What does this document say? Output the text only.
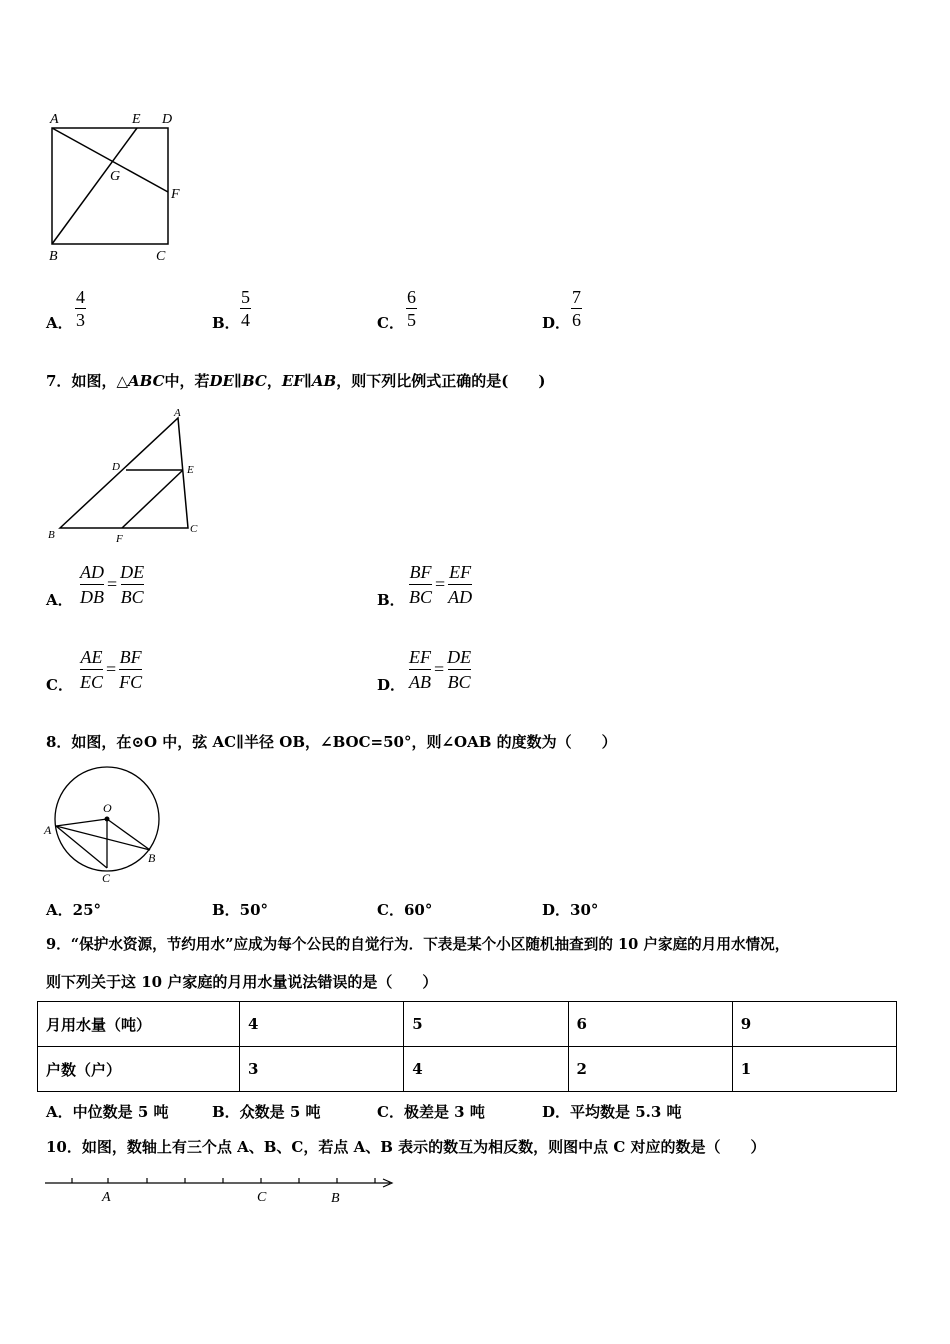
A	E D
G
F
B	C
A． $\frac{4}{3}$	B． $\frac{5}{4}$	C． $\frac{6}{5}$	D． $\frac{7}{6}$
7．如图，△ABC中，若DE∥BC，EF∥AB，则下列比例式正确的是(　　)
A
D	E
B	F
C
A． $\frac{AD}{DB} = \frac{DE}{BC}$	B． $\frac{BF}{BC} = \frac{EF}{AD}$
C． $\frac{AE}{EC} = \frac{BF}{FC}$	D． $\frac{EF}{AB} = \frac{DE}{BC}$
8．如图，在⊙O 中，弦 AC∥半径 OB，∠BOC=50°，则∠OAB 的度数为（　　）
O
A
B
C
A．25°	B．50°	C．60°	D．30°
9．“保护水资源，节约用水”应成为每个公民的自觉行为．下表是某个小区随机抽查到的 10 户家庭的月用水情况，
则下列关于这 10 户家庭的月用水量说法错误的是（　　）
月用水量（吨）	4	5	6	9
户数（户）	3	4	2	1
A．中位数是 5 吨	B．众数是 5 吨	C．极差是 3 吨	D．平均数是 5.3 吨
10．如图，数轴上有三个点 A、B、C，若点 A、B 表示的数互为相反数，则图中点 C 对应的数是（　　）
A	C	B
